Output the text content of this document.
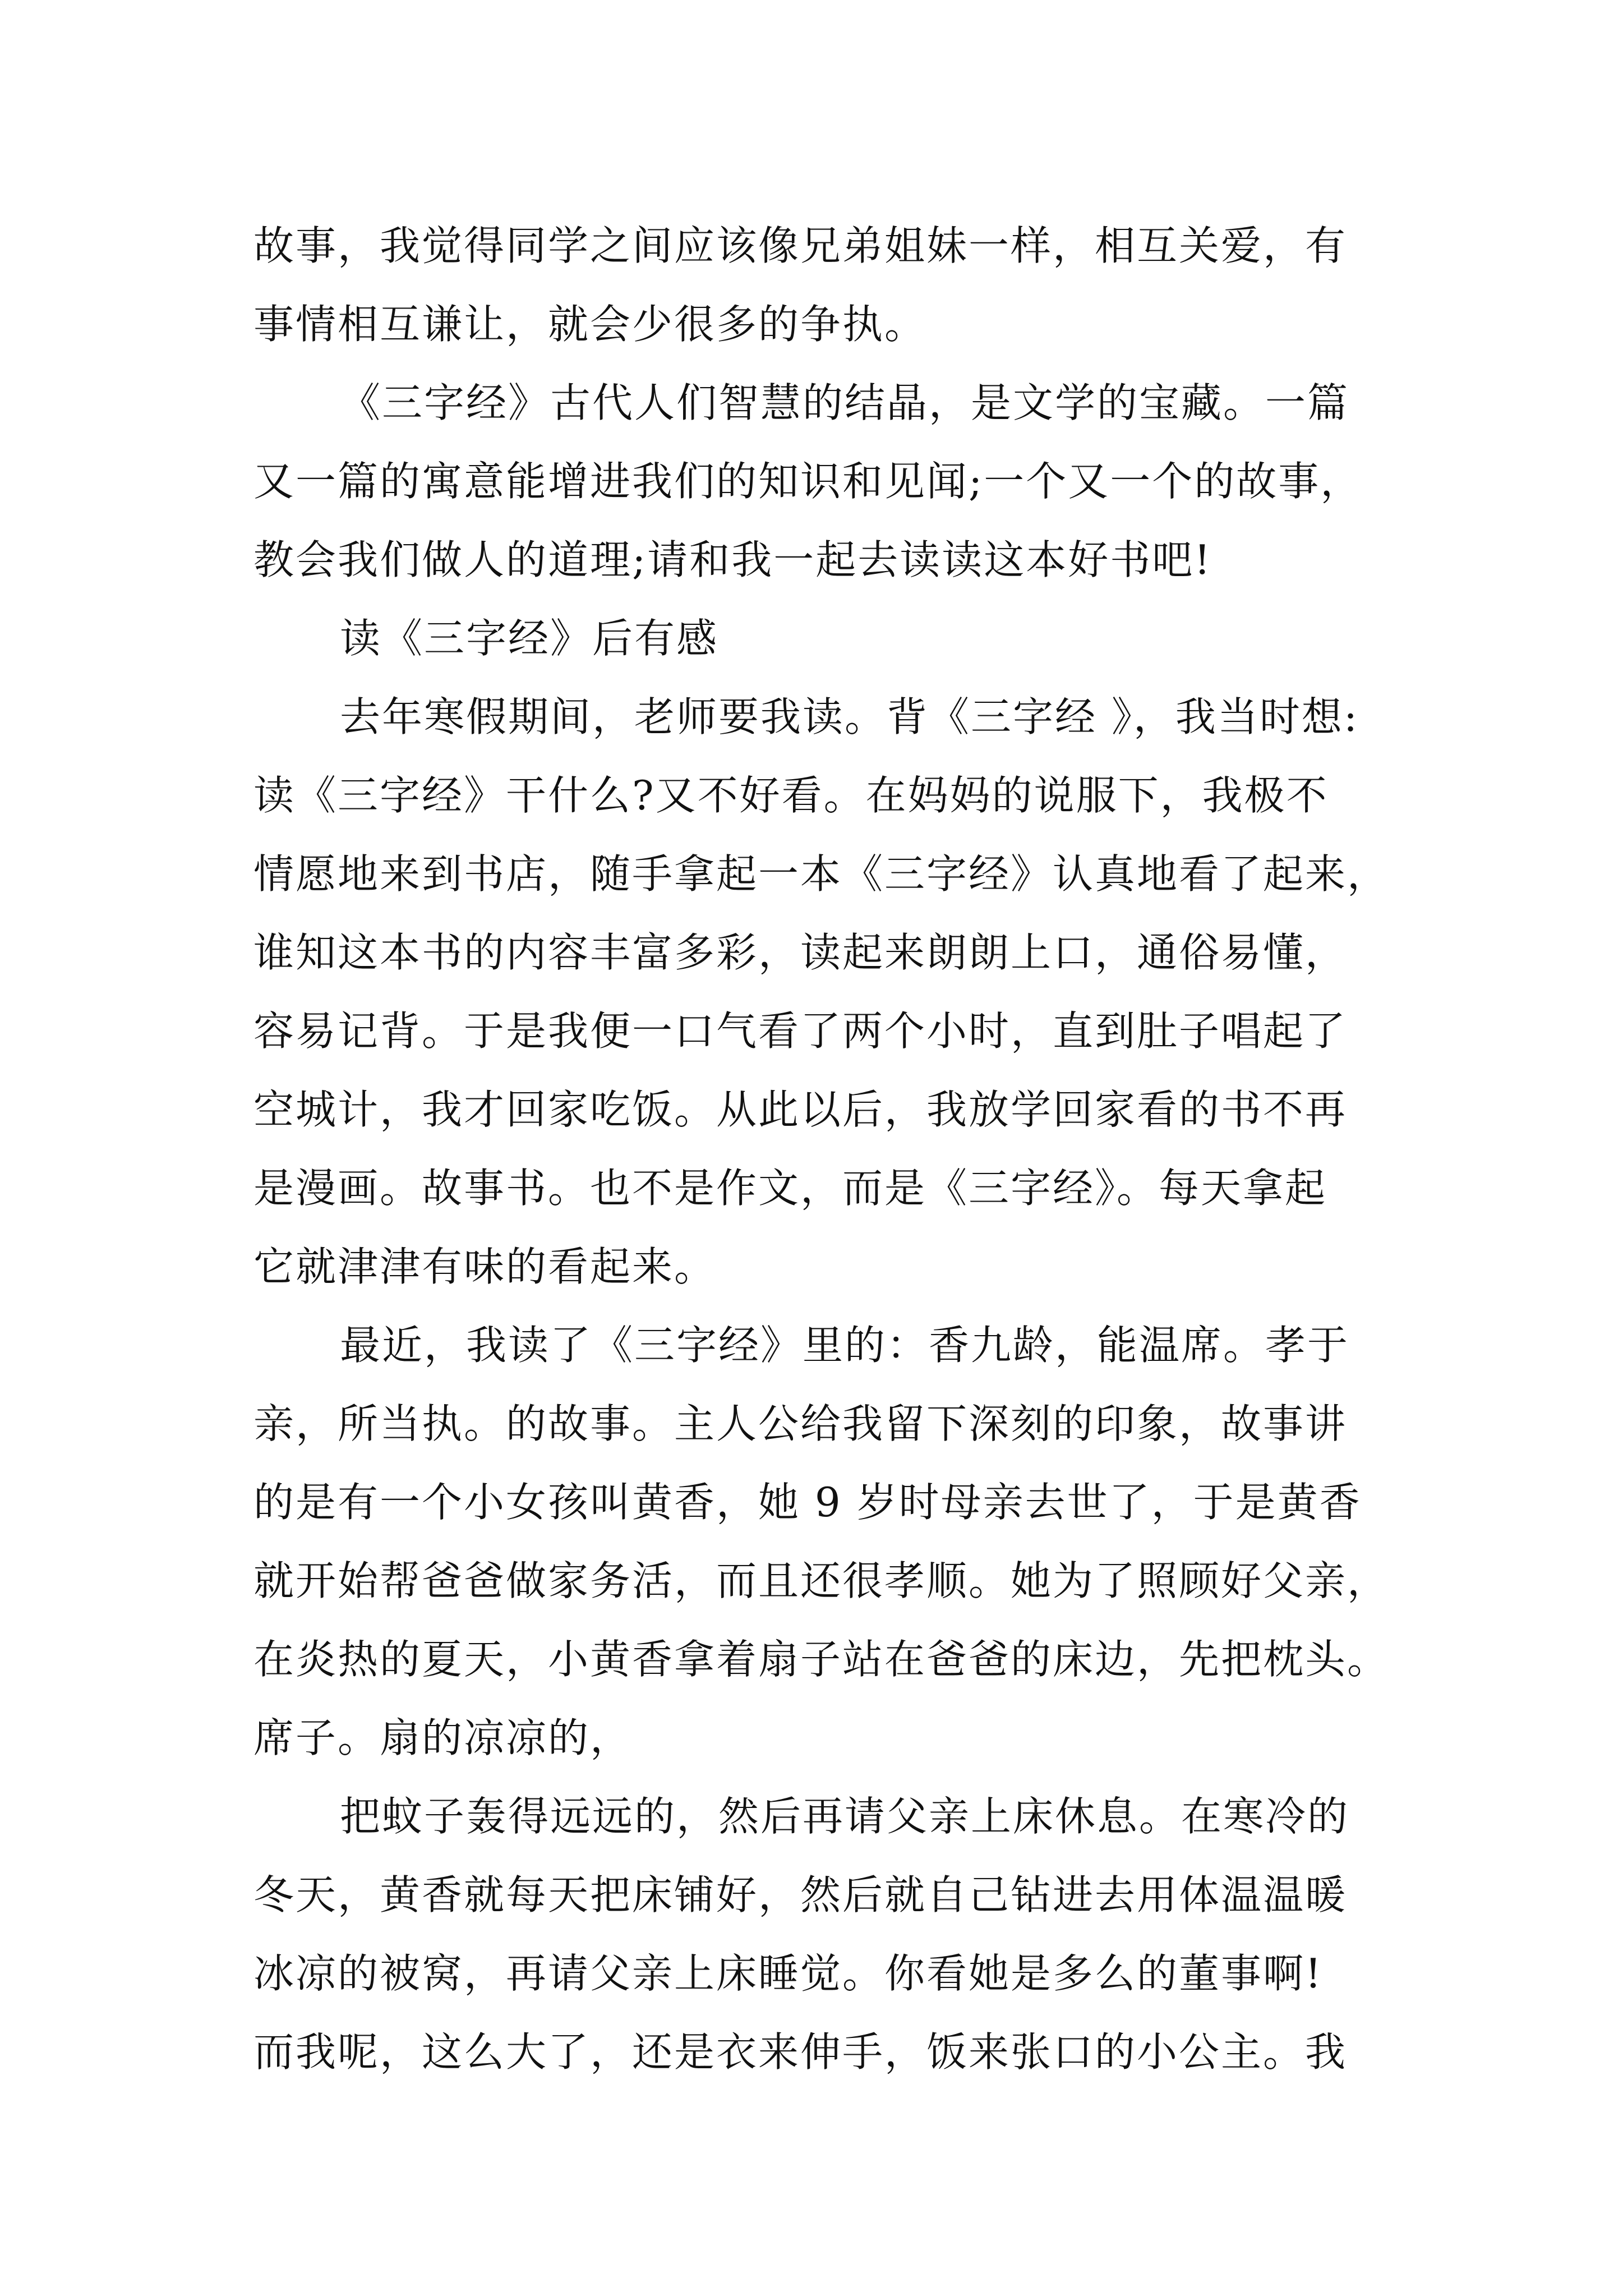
故事，我觉得同学之间应该像兄弟姐妹一样，相互关爱，有
事情相互谦让，就会少很多的争执。
《三字经》古代人们智慧的结晶，是文学的宝藏。一篇
又一篇的寓意能增进我们的知识和见闻;一个又一个的故事，
教会我们做人的道理;请和我一起去读读这本好书吧!
读《三字经》后有感
去年寒假期间，老师要我读。背《三字经 》，我当时想:
读《三字经》干什么?又不好看。在妈妈的说服下，我极不
情愿地来到书店，随手拿起一本《三字经》认真地看了起来，
谁知这本书的内容丰富多彩，读起来朗朗上口，通俗易懂，
容易记背。于是我便一口气看了两个小时，直到肚子唱起了
空城计，我才回家吃饭。从此以后，我放学回家看的书不再
是漫画。故事书。也不是作文，而是《三字经》。每天拿起
它就津津有味的看起来。
最近，我读了《三字经》里的：香九龄，能温席。孝于
亲，所当执。的故事。主人公给我留下深刻的印象，故事讲
的是有一个小女孩叫黄香，她 9 岁时母亲去世了，于是黄香
就开始帮爸爸做家务活，而且还很孝顺。她为了照顾好父亲，
在炎热的夏天，小黄香拿着扇子站在爸爸的床边，先把枕头。
席子。扇的凉凉的，
把蚊子轰得远远的，然后再请父亲上床休息。在寒冷的
冬天，黄香就每天把床铺好，然后就自己钻进去用体温温暖
冰凉的被窝，再请父亲上床睡觉。你看她是多么的董事啊!
而我呢，这么大了，还是衣来伸手，饭来张口的小公主。我
